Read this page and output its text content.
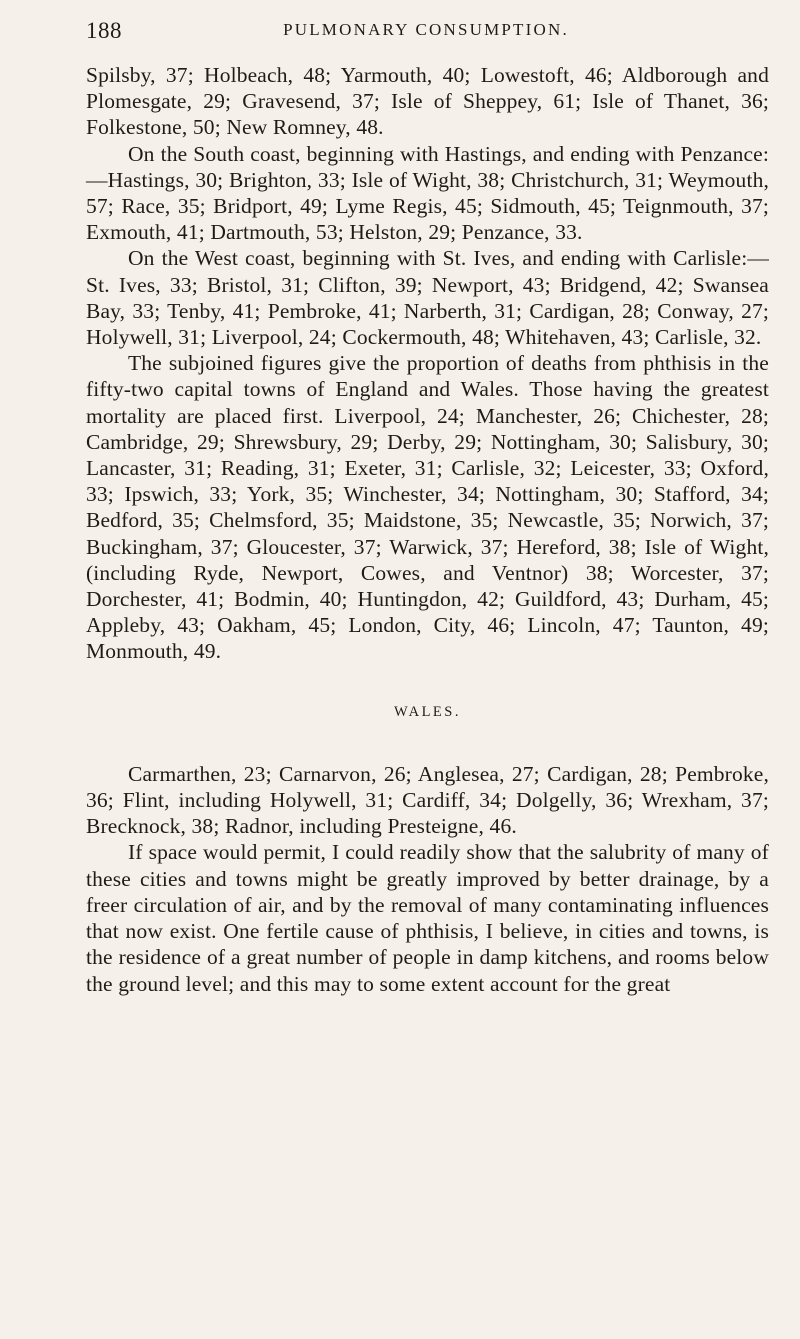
188	PULMONARY CONSUMPTION.

Spilsby, 37; Holbeach, 48; Yarmouth, 40; Lowestoft, 46; Aldborough and Plomesgate, 29; Gravesend, 37; Isle of Sheppey, 61; Isle of Thanet, 36; Folkestone, 50; New Romney, 48.

On the South coast, beginning with Hastings, and ending with Penzance:—Hastings, 30; Brighton, 33; Isle of Wight, 38; Christchurch, 31; Weymouth, 57; Race, 35; Bridport, 49; Lyme Regis, 45; Sidmouth, 45; Teignmouth, 37; Exmouth, 41; Dartmouth, 53; Helston, 29; Penzance, 33.

On the West coast, beginning with St. Ives, and ending with Carlisle:—St. Ives, 33; Bristol, 31; Clifton, 39; Newport, 43; Bridgend, 42; Swansea Bay, 33; Tenby, 41; Pembroke, 41; Narberth, 31; Cardigan, 28; Conway, 27; Holywell, 31; Liverpool, 24; Cockermouth, 48; Whitehaven, 43; Carlisle, 32.

The subjoined figures give the proportion of deaths from phthisis in the fifty-two capital towns of England and Wales. Those having the greatest mortality are placed first. Liverpool, 24; Manchester, 26; Chichester, 28; Cambridge, 29; Shrewsbury, 29; Derby, 29; Nottingham, 30; Salisbury, 30; Lancaster, 31; Reading, 31; Exeter, 31; Carlisle, 32; Leicester, 33; Oxford, 33; Ipswich, 33; York, 35; Winchester, 34; Nottingham, 30; Stafford, 34; Bedford, 35; Chelmsford, 35; Maidstone, 35; Newcastle, 35; Norwich, 37; Buckingham, 37; Gloucester, 37; Warwick, 37; Hereford, 38; Isle of Wight, (including Ryde, Newport, Cowes, and Ventnor) 38; Worcester, 37; Dorchester, 41; Bodmin, 40; Huntingdon, 42; Guildford, 43; Durham, 45; Appleby, 43; Oakham, 45; London, City, 46; Lincoln, 47; Taunton, 49; Monmouth, 49.

WALES.

Carmarthen, 23; Carnarvon, 26; Anglesea, 27; Cardigan, 28; Pembroke, 36; Flint, including Holywell, 31; Cardiff, 34; Dolgelly, 36; Wrexham, 37; Brecknock, 38; Radnor, including Presteigne, 46.

If space would permit, I could readily show that the salubrity of many of these cities and towns might be greatly improved by better drainage, by a freer circulation of air, and by the removal of many contaminating influences that now exist. One fertile cause of phthisis, I believe, in cities and towns, is the residence of a great number of people in damp kitchens, and rooms below the ground level; and this may to some extent account for the great
